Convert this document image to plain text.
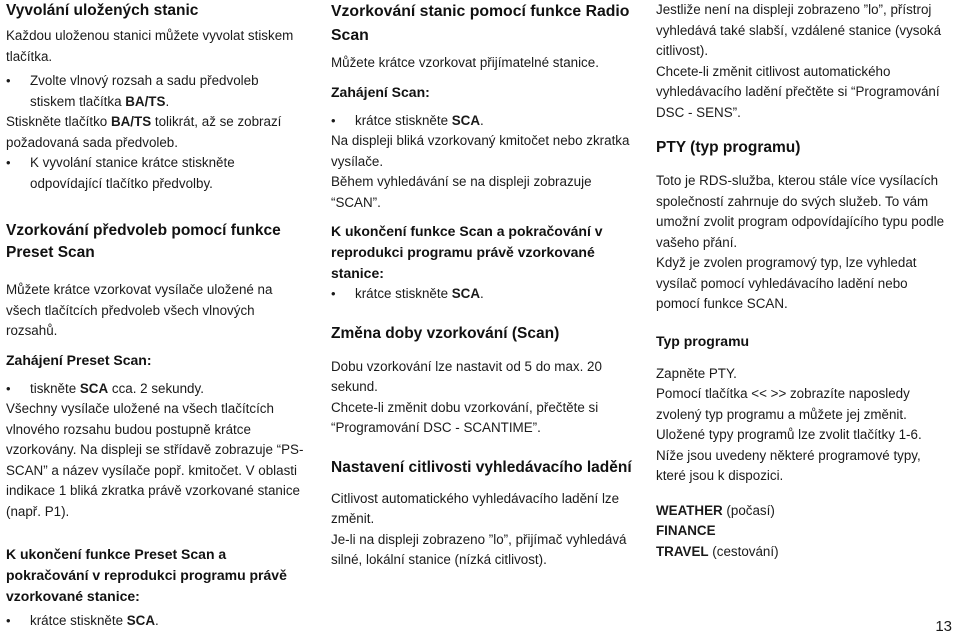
Vyvolání uložených stanic

Každou uloženou stanici můžete vyvolat stiskem tlačítka.

• Zvolte vlnový rozsah a sadu předvoleb stiskem tlačítka BA/TS.

Stiskněte tlačítko BA/TS tolikrát, až se zobrazí požadovaná sada předvoleb.

• K vyvolání stanice krátce stiskněte odpovídající tlačítko předvolby.
Vzorkování předvoleb pomocí funkce Preset Scan

Můžete krátce vzorkovat vysílače uložené na všech tlačítcích předvoleb všech vlnových rozsahů.

Zahájení Preset Scan:
• tiskněte SCA cca. 2 sekundy.

Všechny vysílače uložené na všech tlačítcích vlnového rozsahu budou postupně krátce vzorkovány. Na displeji se střídavě zobrazuje “PS-SCAN” a název vysílače popř. kmitočet. V oblasti indikace 1 bliká zkratka právě vzorkované stanice (např. P1).

K ukončení funkce Preset Scan a pokračování v reprodukci programu právě vzorkované stanice:
• krátce stiskněte SCA.
Vzorkování stanic pomocí funkce Radio Scan

Můžete krátce vzorkovat přijímatelné stanice.

Zahájení Scan:
• krátce stiskněte SCA.

Na displeji bliká vzorkovaný kmitočet nebo zkratka vysílače.

Během vyhledávání se na displeji zobrazuje “SCAN”.

K ukončení funkce Scan a pokračování v reprodukci programu právě vzorkované stanice:
• krátce stiskněte SCA.
Změna doby vzorkování (Scan)

Dobu vzorkování lze nastavit od 5 do max. 20 sekund.

Chcete-li změnit dobu vzorkování, přečtěte si “Programování DSC - SCANTIME”.

Nastavení citlivosti vyhledávacího ladění

Citlivost automatického vyhledávacího ladění lze změnit.

Je-li na displeji zobrazeno ”lo”, přijímač vyhledává silné, lokální stanice (nízká citlivost).

Jestliže není na displeji zobrazeno ”lo”, přístroj vyhledává také slabší, vzdálené stanice (vysoká citlivost).

Chcete-li změnit citlivost automatického vyhledávacího ladění přečtěte si “Programování DSC - SENS”.

PTY (typ programu)

Toto je RDS-služba, kterou stále více vysílacích společností zahrnuje do svých služeb. To vám umožní zvolit program odpovídajícího typu podle vašeho přání.

Když je zvolen programový typ, lze vyhledat vysílač pomocí vyhledávacího ladění nebo pomocí funkce SCAN.

Typ programu

Zapněte PTY.

Pomocí tlačítka << >> zobrazíte naposledy zvolený typ programu a můžete jej změnit.

Uložené typy programů lze zvolit tlačítky 1-6.

Níže jsou uvedeny některé programové typy, které jsou k dispozici.

WEATHER (počasí)

FINANCE

TRAVEL (cestování)

13
